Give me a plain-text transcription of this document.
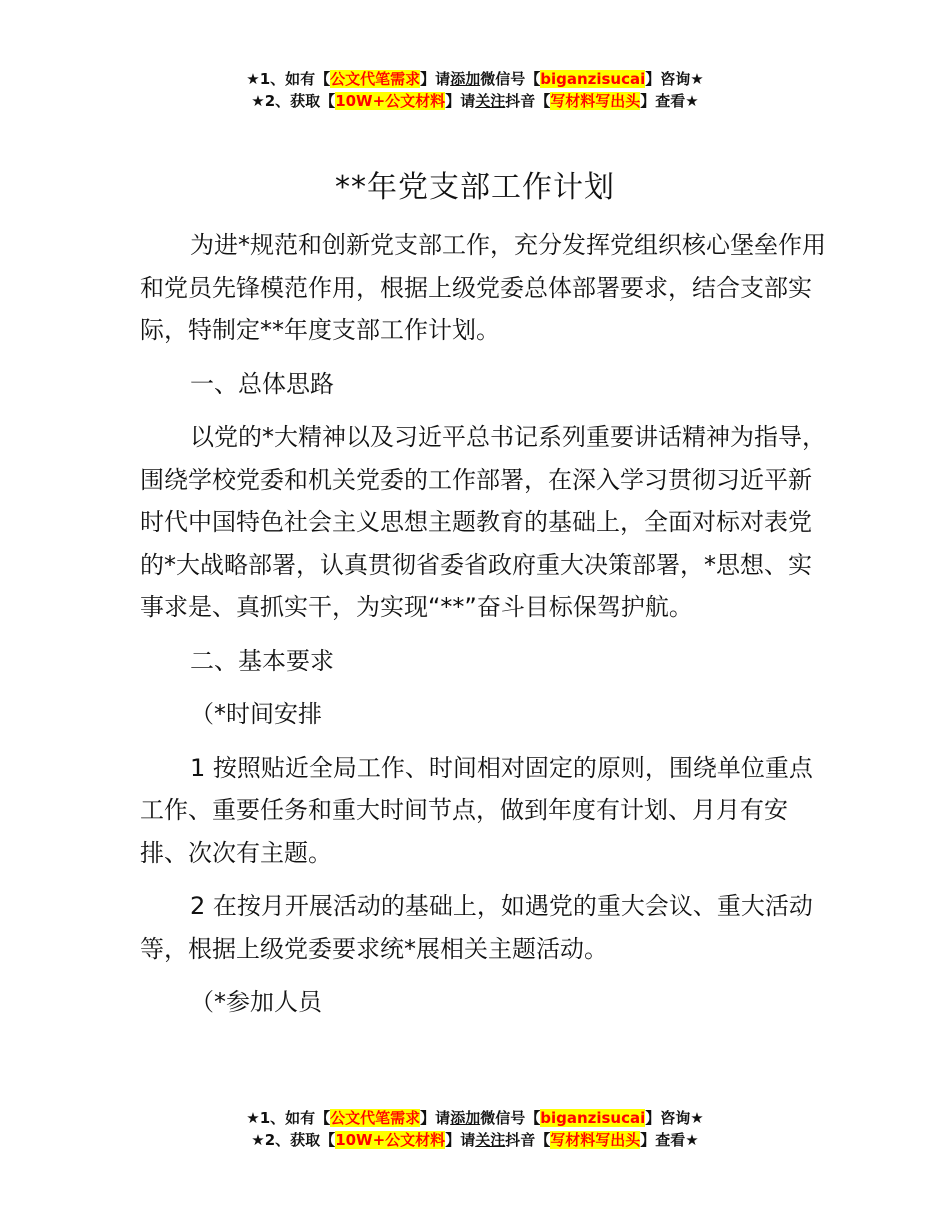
★1、如有【公文代笔需求】请添加微信号【biganzisucai】咨询★
★2、获取【10W+公文材料】请关注抖音【写材料写出头】查看★
**年党支部工作计划

为进*规范和创新党支部工作，充分发挥党组织核心堡垒作用和党员先锋模范作用，根据上级党委总体部署要求，结合支部实际，特制定**年度支部工作计划。

一、总体思路

以党的*大精神以及习近平总书记系列重要讲话精神为指导，围绕学校党委和机关党委的工作部署，在深入学习贯彻习近平新时代中国特色社会主义思想主题教育的基础上，全面对标对表党的*大战略部署，认真贯彻省委省政府重大决策部署，*思想、实事求是、真抓实干，为实现“**”奋斗目标保驾护航。

二、基本要求

（*时间安排

1 按照贴近全局工作、时间相对固定的原则，围绕单位重点工作、重要任务和重大时间节点，做到年度有计划、月月有安排、次次有主题。

2 在按月开展活动的基础上，如遇党的重大会议、重大活动等，根据上级党委要求统*展相关主题活动。

（*参加人员

★1、如有【公文代笔需求】请添加微信号【biganzisucai】咨询★
★2、获取【10W+公文材料】请关注抖音【写材料写出头】查看★
